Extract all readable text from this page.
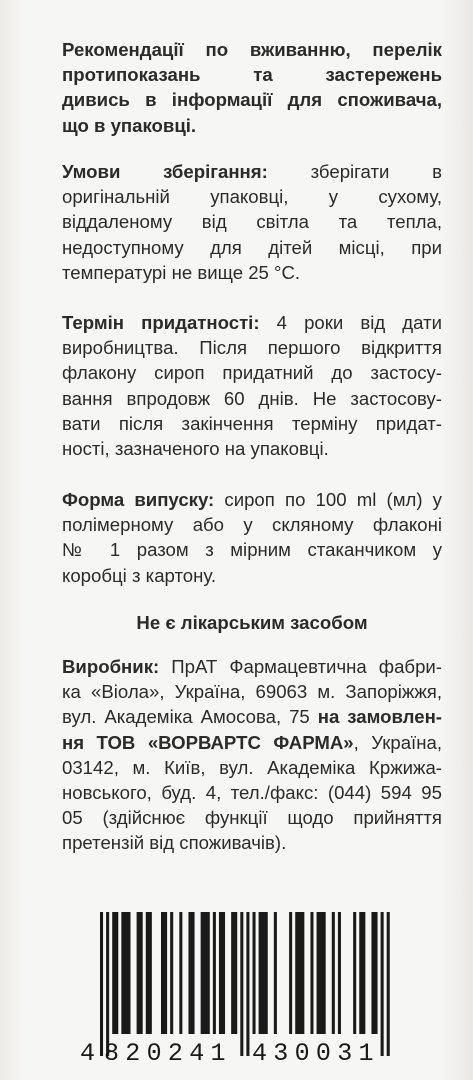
Рекомендації по вживанню, перелік
протипоказань та застережень
дивись в інформації для споживача,
що в упаковці.
Умови зберігання: зберігати в
оригінальній упаковці, у сухому,
віддаленому від світла та тепла,
недоступному для дітей місці, при
температурі не вище 25 °С.
Термін придатності: 4 роки від дати
виробництва. Після першого відкриття
флакону сироп придатний до застосу-
вання впродовж 60 днів. Не застосову-
вати після закінчення терміну придат-
ності, зазначеного на упаковці.
Форма випуску: сироп по 100 ml (мл) у
полімерному або у скляному флаконі
№ 1 разом з мірним стаканчиком у
коробці з картону.
Не є лікарським засобом
Виробник: ПрАТ Фармацевтична фабри-
ка «Віола», Україна, 69063 м. Запоріжжя,
вул. Академіка Амосова, 75 на замовлен-
ня ТОВ «ВОРВАРТС ФАРМА», Україна,
03142, м. Київ, вул. Академіка Кржижа-
новського, буд. 4, тел./факс: (044) 594 95
05 (здійснює функції щодо прийняття
претензій від споживачів).
4 820241 430031
